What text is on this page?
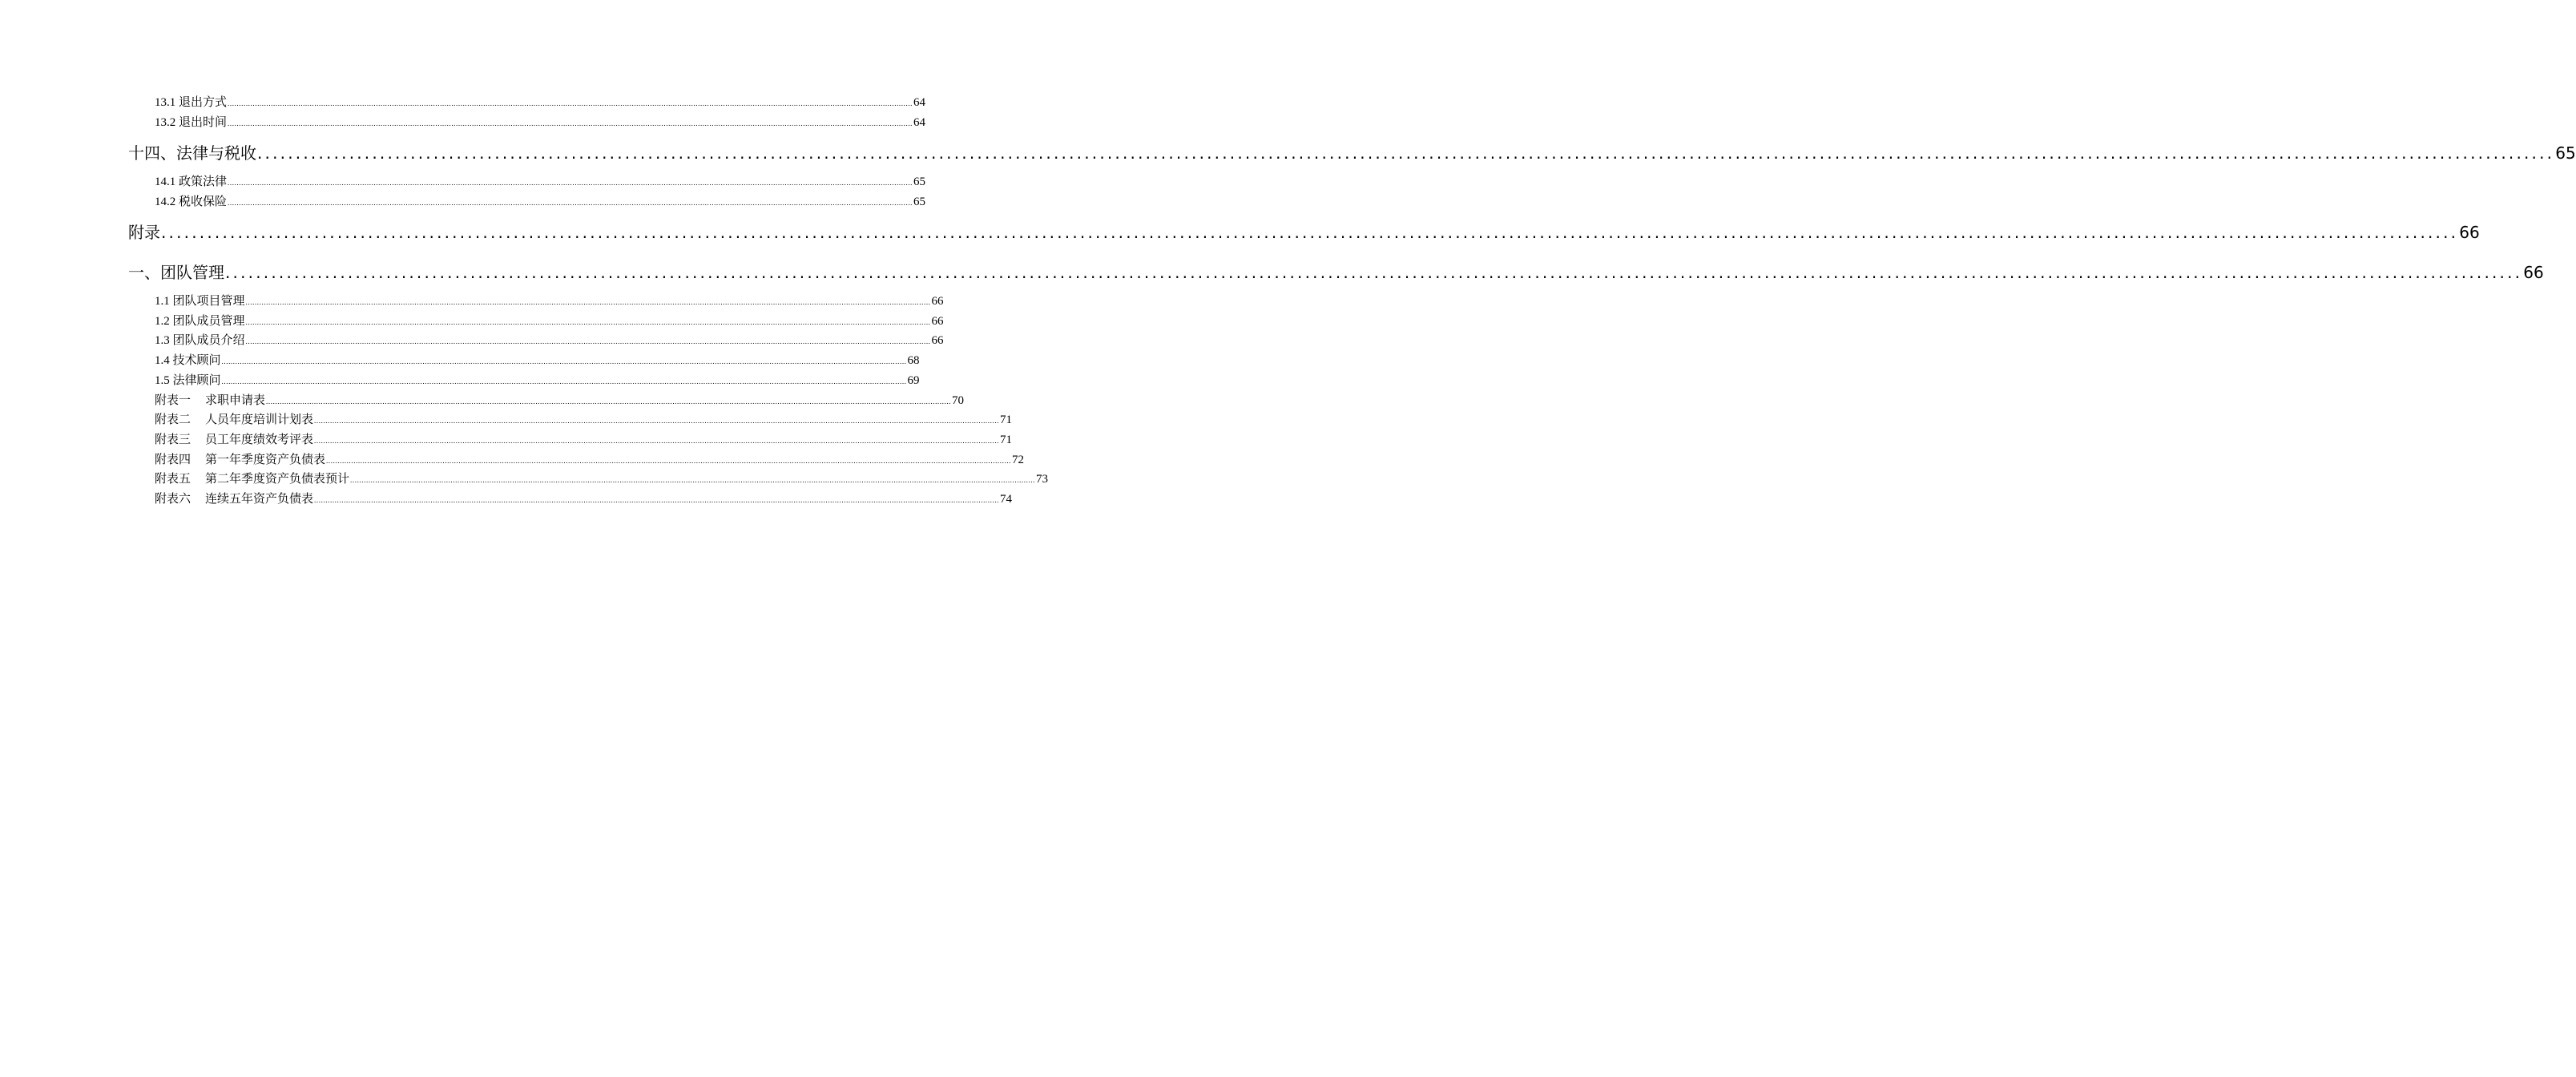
13.1 退出方式 ............................................................................................................................................................................................................................................................................................................ 64
13.2 退出时间 ............................................................................................................................................................................................................................................................................................................ 64
十四、法律与税收 ............................................................................................................................................................................................................................................................................................................ 65
14.1 政策法律 ............................................................................................................................................................................................................................................................................................................ 65
14.2 税收保险 ............................................................................................................................................................................................................................................................................................................ 65
附录 ............................................................................................................................................................................................................................................................................................................ 66
一、团队管理 ............................................................................................................................................................................................................................................................................................................ 66
1.1 团队项目管理 ............................................................................................................................................................................................................................................................................................................ 66
1.2 团队成员管理 ............................................................................................................................................................................................................................................................................................................ 66
1.3 团队成员介绍 ............................................................................................................................................................................................................................................................................................................ 66
1.4 技术顾问 ............................................................................................................................................................................................................................................................................................................ 68
1.5 法律顾问 ............................................................................................................................................................................................................................................................................................................ 69
附表一 求职申请表 ............................................................................................................................................................................................................................................................................................................ 70
附表二 人员年度培训计划表 ............................................................................................................................................................................................................................................................................................................ 71
附表三 员工年度绩效考评表 ............................................................................................................................................................................................................................................................................................................ 71
附表四 第一年季度资产负债表 ............................................................................................................................................................................................................................................................................................................ 72
附表五 第二年季度资产负债表预计 ............................................................................................................................................................................................................................................................................................................ 73
附表六 连续五年资产负债表 ............................................................................................................................................................................................................................................................................................................ 74
